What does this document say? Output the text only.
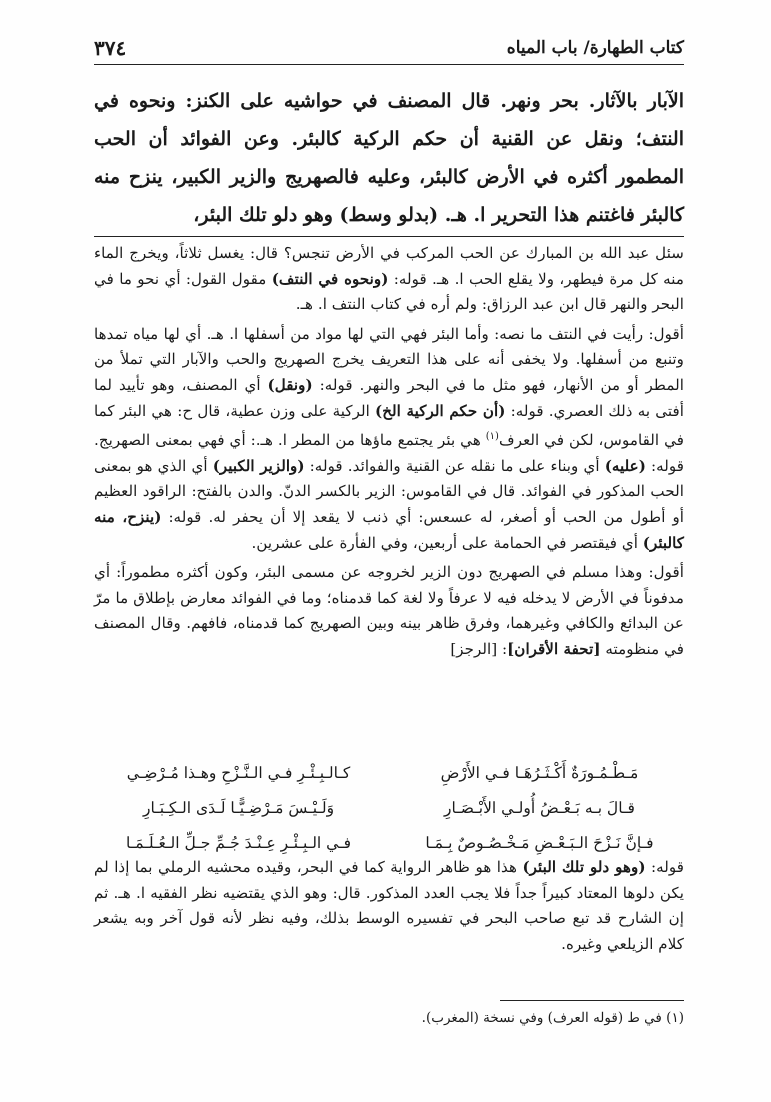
كتاب الطهارة/ باب المياه
٣٧٤

الآبار بالآثار. بحر ونهر. قال المصنف في حواشيه على الكنز: ونحوه في النتف؛ ونقل عن القنية أن حكم الركية كالبئر. وعن الفوائد أن الحب المطمور أكثره في الأرض كالبئر، وعليه فالصهريج والزير الكبير، ينزح منه كالبئر فاغتنم هذا التحرير ا. هـ. (بدلو وسط) وهو دلو تلك البئر،

سئل عبد الله بن المبارك عن الحب المركب في الأرض تنجس؟ قال: يغسل ثلاثاً، ويخرج الماء منه كل مرة فيطهر، ولا يقلع الحب ا. هـ. قوله: (ونحوه في النتف) مقول القول: أي نحو ما في البحر والنهر قال ابن عبد الرزاق: ولم أره في كتاب النتف ا. هـ.

أقول: رأيت في النتف ما نصه: وأما البئر فهي التي لها مواد من أسفلها ا. هـ. أي لها مياه تمدها وتنبع من أسفلها. ولا يخفى أنه على هذا التعريف يخرج الصهريج والحب والآبار التي تملأ من المطر أو من الأنهار، فهو مثل ما في البحر والنهر. قوله: (ونقل) أي المصنف، وهو تأييد لما أفتى به ذلك العصري. قوله: (أن حكم الركية الخ) الركية على وزن عطية، قال ح: هي البئر كما في القاموس، لكن في العرف$^{(١)}$ هي بئر يجتمع ماؤها من المطر ا. هـ.: أي فهي بمعنى الصهريج. قوله: (عليه) أي وبناء على ما نقله عن القنية والفوائد. قوله: (والزير الكبير) أي الذي هو بمعنى الحب المذكور في الفوائد. قال في القاموس: الزير بالكسر الدنّ. والدن بالفتح: الراقود العظيم أو أطول من الحب أو أصغر، له عسعس: أي ذنب لا يقعد إلا أن يحفر له. قوله: (ينزح، منه كالبئر) أي فيقتصر في الحمامة على أربعين، وفي الفأرة على عشرين.

أقول: وهذا مسلم في الصهريج دون الزير لخروجه عن مسمى البئر، وكون أكثره مطموراً: أي مدفوناً في الأرض لا يدخله فيه لا عرفاً ولا لغة كما قدمناه؛ وما في الفوائد معارض بإطلاق ما مرّ عن البدائع والكافي وغيرهما، وفرق ظاهر بينه وبين الصهريج كما قدمناه، فافهم. وقال المصنف في منظومته [تحفة الأقران]: [الرجز]

مَـطْـمُـورَةٌ أَكْـثَـرُهَـا فـي الأَرْضِ
كـالـبِـئْـرِ فـي الـنَّـزْحِ وهـذا مُـرْضِـي
قـالَ بـه بَـعْـضُ أُولـي الأَبْـصَـارِ
وَلَـيْـسَ مَـرْضِـيًّـا لَـدَى الـكِـبَـارِ
فـإنَّ نَـزْحَ الـبَـعْـضِ مَـخْـصُـوصٌ بِـمَـا
فـي الـبِـئْـرِ عِـنْـدَ جُـمِّ جـلِّ الـعُـلَـمَـا

قوله: (وهو دلو تلك البئر) هذا هو ظاهر الرواية كما في البحر، وقيده محشيه الرملي بما إذا لم يكن دلوها المعتاد كبيراً جداً فلا يجب العدد المذكور. قال: وهو الذي يقتضيه نظر الفقيه ا. هـ. ثم إن الشارح قد تبع صاحب البحر في تفسيره الوسط بذلك، وفيه نظر لأنه قول آخر وبه يشعر كلام الزيلعي وغيره.

(١) في ط (قوله العرف) وفي نسخة (المغرب).
